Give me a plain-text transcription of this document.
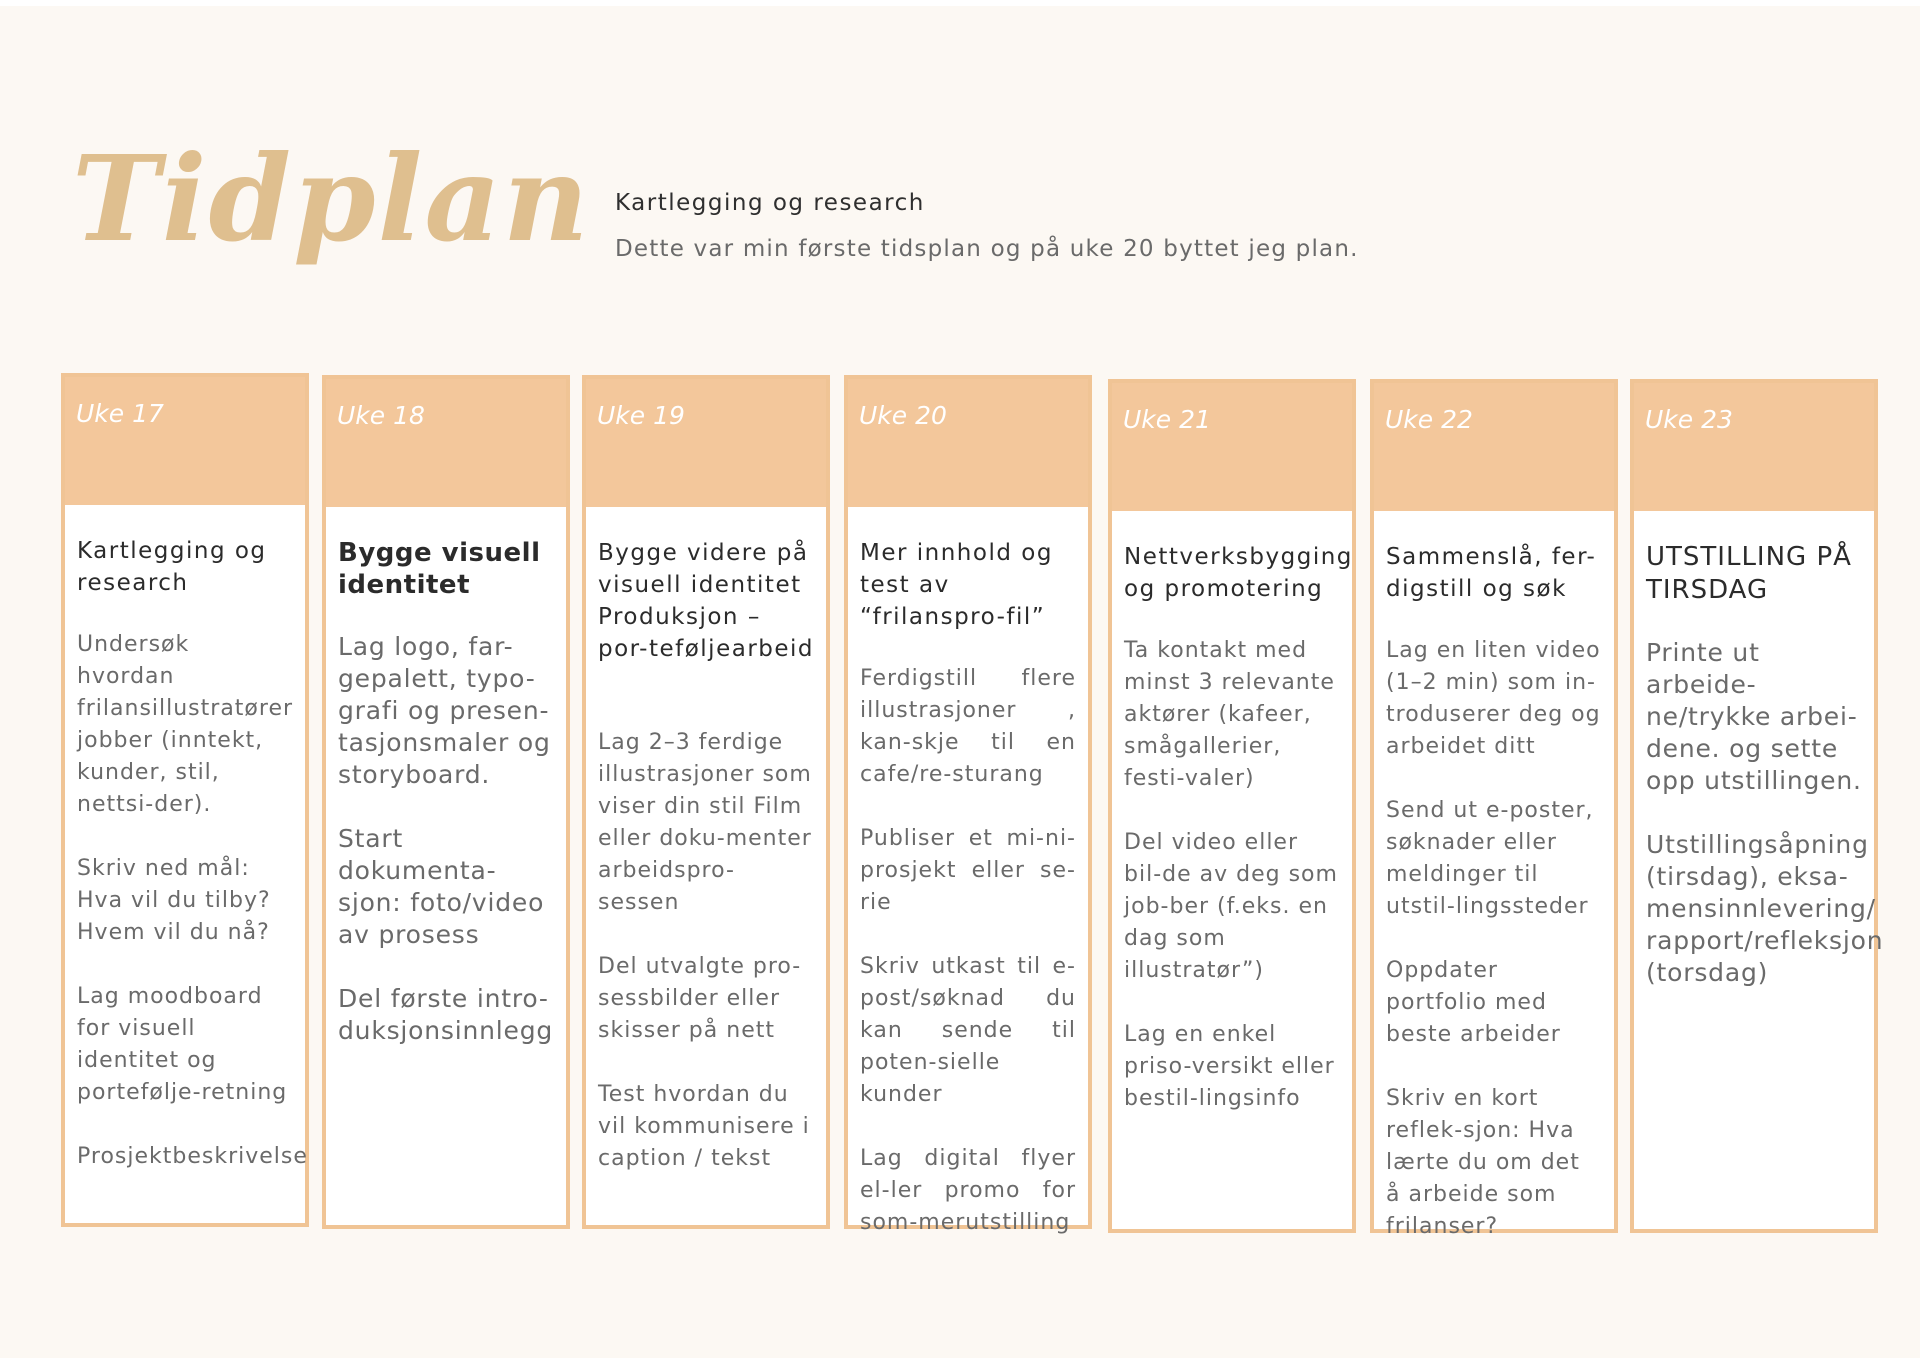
Tidplan Kartlegging og research
Dette var min første tidsplan og på uke 20 byttet jeg plan.
Uke 17
Kartlegging og research
Undersøk hvordan frilansillustratører jobber (inntekt, kunder, stil, nettsi-der).
Skriv ned mål: Hva vil du tilby? Hvem vil du nå?
Lag moodboard for visuell identitet og portefølje-retning
Prosjektbeskrivelse
Uke 18
Bygge visuell identitet
Lag logo, far-gepalett, typo-grafi og presen-tasjonsmaler og storyboard.
Start dokumenta-sjon: foto/video av prosess
Del første intro-duksjonsinnlegg
Uke 19
Bygge videre på visuell identitet Produksjon – por-teføljearbeid
Lag 2–3 ferdige illustrasjoner som viser din stil Film eller doku-menter arbeidspro-sessen
Del utvalgte pro-sessbilder eller skisser på nett
Test hvordan du vil kommunisere i caption / tekst
Uke 20
Mer innhold og test av “frilanspro-fil”
Ferdigstill flere illustrasjoner , kan-skje til en cafe/re-sturang
Publiser et mi-ni-prosjekt eller se-rie
Skriv utkast til e-post/søknad du kan sende til poten-sielle kunder
Lag digital flyer el-ler promo for som-merutstilling
Uke 21
Nettverksbygging og promotering
Ta kontakt med minst 3 relevante aktører (kafeer, smågallerier, festi-valer)
Del video eller bil-de av deg som job-ber (f.eks. en dag som illustratør”)
Lag en enkel priso-versikt eller bestil-lingsinfo
Uke 22
Sammenslå, fer-digstill og søk
Lag en liten video (1–2 min) som in-troduserer deg og arbeidet ditt
Send ut e-poster, søknader eller meldinger til utstil-lingssteder
Oppdater portfolio med beste arbeider
Skriv en kort reflek-sjon: Hva lærte du om det å arbeide som frilanser?
Uke 23
UTSTILLING PÅ TIRSDAG
Printe ut arbeide-ne/trykke arbei-dene. og sette opp utstillingen.
Utstillingsåpning (tirsdag), eksa-mensinnlevering/ rapport/refleksjon (torsdag)
